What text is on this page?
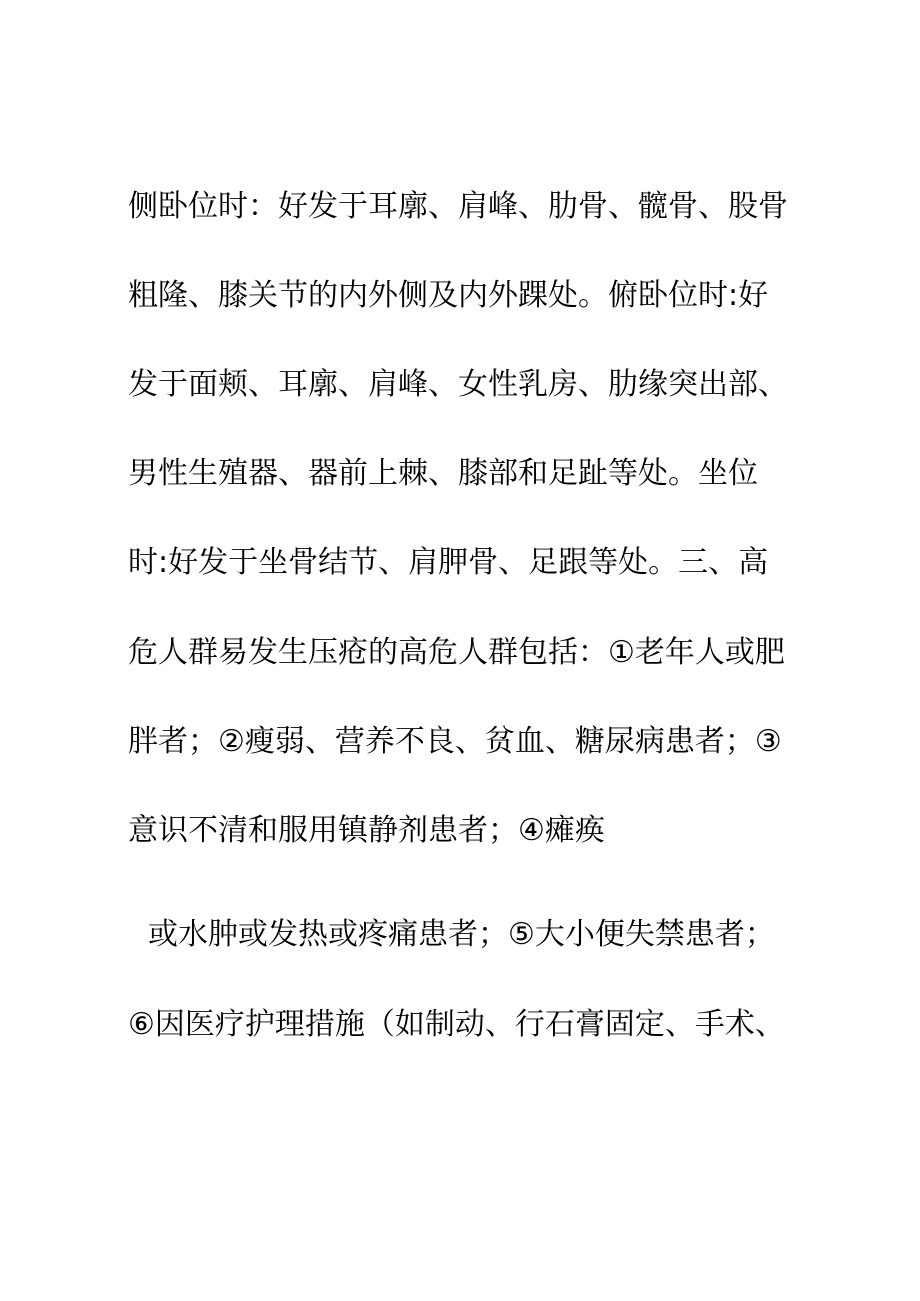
侧卧位时：好发于耳廓、肩峰、肋骨、髋骨、股骨
粗隆、膝关节的内外侧及内外踝处。俯卧位时:好
发于面颊、耳廓、肩峰、女性乳房、肋缘突出部、
男性生殖器、器前上棘、膝部和足趾等处。坐位
时:好发于坐骨结节、肩胛骨、足跟等处。三、高
危人群易发生压疮的高危人群包括：①老年人或肥
胖者；②瘦弱、营养不良、贫血、糖尿病患者；③
意识不清和服用镇静剂患者；④瘫痪
或水肿或发热或疼痛患者；⑤大小便失禁患者；
⑥因医疗护理措施（如制动、行石膏固定、手术、
